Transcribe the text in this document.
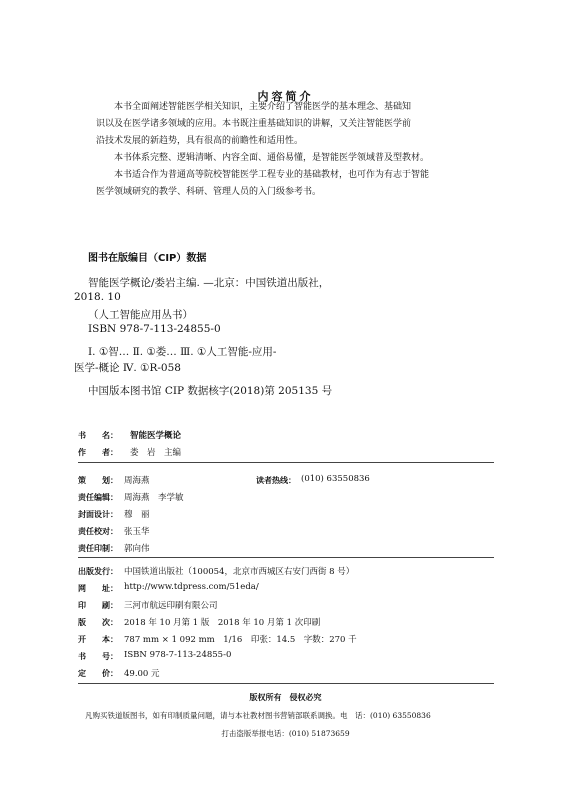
内容简介
本书全面阐述智能医学相关知识，主要介绍了智能医学的基本理念、基础知
识以及在医学诸多领域的应用。本书既注重基础知识的讲解，又关注智能医学前
沿技术发展的新趋势，具有很高的前瞻性和适用性。
本书体系完整、逻辑清晰、内容全面、通俗易懂，是智能医学领域普及型教材。
本书适合作为普通高等院校智能医学工程专业的基础教材，也可作为有志于智能
医学领域研究的教学、科研、管理人员的入门级参考书。
图书在版编目（CIP）数据
智能医学概论/娄岩主编. —北京：中国铁道出版社，
2018. 10
（人工智能应用丛书）
ISBN 978-7-113-24855-0
Ⅰ. ①智… Ⅱ. ①娄… Ⅲ. ①人工智能-应用-
医学-概论 Ⅳ. ①R-058
中国版本图书馆 CIP 数据核字(2018)第 205135 号
书　　名： 智能医学概论
作　　者： 娄　岩　主编
策　　划： 周海燕	读者热线： (010) 63550836
责任编辑： 周海燕　李学敏
封面设计： 穆　丽
责任校对： 张玉华
责任印制： 郭向伟
出版发行： 中国铁道出版社（100054，北京市西城区右安门西街 8 号）
网　　址： http://www.tdpress.com/51eda/
印　　刷： 三河市航远印刷有限公司
版　　次： 2018 年 10 月第 1 版　2018 年 10 月第 1 次印刷
开　　本： 787 mm × 1 092 mm　1/16　印张：14.5　字数：270 千
书　　号： ISBN 978-7-113-24855-0
定　　价： 49.00 元
版权所有　侵权必究
凡购买铁道版图书，如有印制质量问题，请与本社教材图书营销部联系调换。电　话：(010) 63550836
打击盗版举报电话：(010) 51873659
